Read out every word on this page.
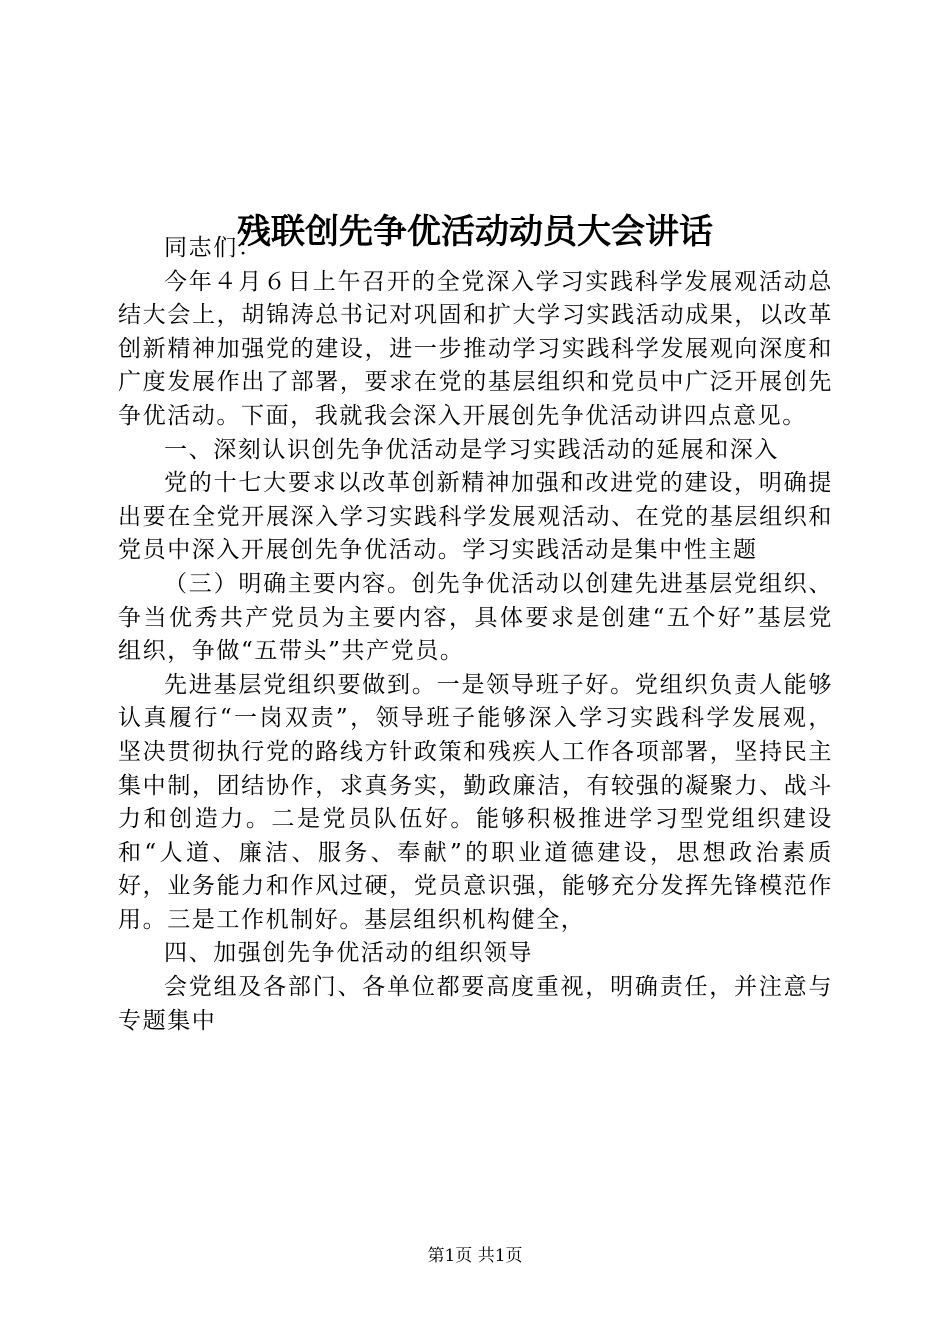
残联创先争优活动动员大会讲话

同志们：

今年４月６日上午召开的全党深入学习实践科学发展观活动总结大会上，胡锦涛总书记对巩固和扩大学习实践活动成果，以改革创新精神加强党的建设，进一步推动学习实践科学发展观向深度和广度发展作出了部署，要求在党的基层组织和党员中广泛开展创先争优活动。下面，我就我会深入开展创先争优活动讲四点意见。

一、深刻认识创先争优活动是学习实践活动的延展和深入

党的十七大要求以改革创新精神加强和改进党的建设，明确提出要在全党开展深入学习实践科学发展观活动、在党的基层组织和党员中深入开展创先争优活动。学习实践活动是集中性主题

（三）明确主要内容。创先争优活动以创建先进基层党组织、争当优秀共产党员为主要内容，具体要求是创建“五个好”基层党组织，争做“五带头”共产党员。

先进基层党组织要做到。一是领导班子好。党组织负责人能够认真履行“一岗双责”，领导班子能够深入学习实践科学发展观，坚决贯彻执行党的路线方针政策和残疾人工作各项部署，坚持民主集中制，团结协作，求真务实，勤政廉洁，有较强的凝聚力、战斗力和创造力。二是党员队伍好。能够积极推进学习型党组织建设和“人道、廉洁、服务、奉献”的职业道德建设，思想政治素质好，业务能力和作风过硬，党员意识强，能够充分发挥先锋模范作用。三是工作机制好。基层组织机构健全，

四、加强创先争优活动的组织领导

会党组及各部门、各单位都要高度重视，明确责任，并注意与专题集中

第1页 共1页
